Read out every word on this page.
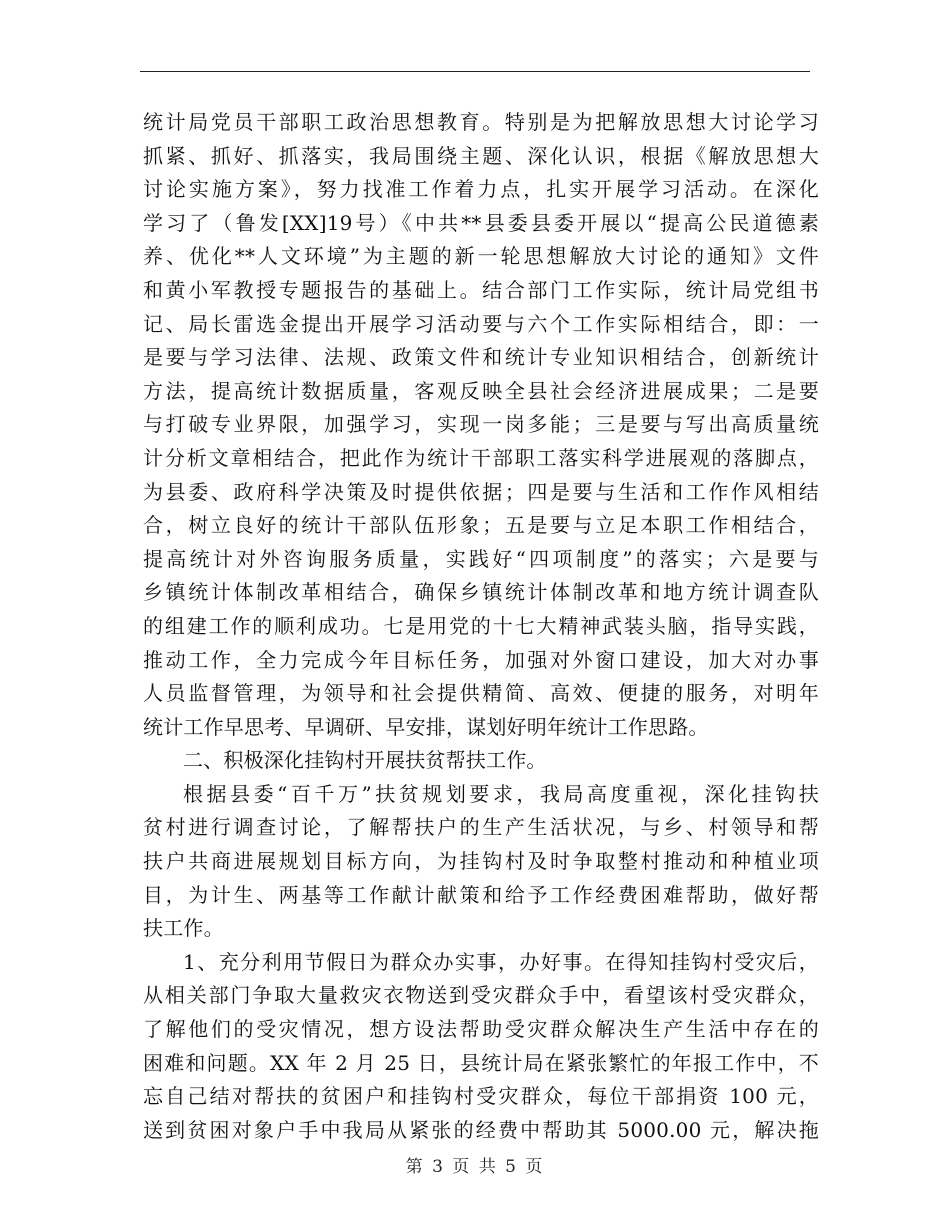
统计局党员干部职工政治思想教育。特别是为把解放思想大讨论学习
抓紧、抓好、抓落实，我局围绕主题、深化认识，根据《解放思想大
讨论实施方案》，努力找准工作着力点，扎实开展学习活动。在深化
学习了（鲁发[XX]19号）《中共**县委县委开展以“提高公民道德素
养、优化**人文环境”为主题的新一轮思想解放大讨论的通知》文件
和黄小军教授专题报告的基础上。结合部门工作实际，统计局党组书
记、局长雷选金提出开展学习活动要与六个工作实际相结合，即：一
是要与学习法律、法规、政策文件和统计专业知识相结合，创新统计
方法，提高统计数据质量，客观反映全县社会经济进展成果；二是要
与打破专业界限，加强学习，实现一岗多能；三是要与写出高质量统
计分析文章相结合，把此作为统计干部职工落实科学进展观的落脚点，
为县委、政府科学决策及时提供依据；四是要与生活和工作作风相结
合，树立良好的统计干部队伍形象；五是要与立足本职工作相结合，
提高统计对外咨询服务质量，实践好“四项制度”的落实；六是要与
乡镇统计体制改革相结合，确保乡镇统计体制改革和地方统计调查队
的组建工作的顺利成功。七是用党的十七大精神武装头脑，指导实践，
推动工作，全力完成今年目标任务，加强对外窗口建设，加大对办事
人员监督管理，为领导和社会提供精简、高效、便捷的服务，对明年
统计工作早思考、早调研、早安排，谋划好明年统计工作思路。
二、积极深化挂钩村开展扶贫帮扶工作。
根据县委“百千万”扶贫规划要求，我局高度重视，深化挂钩扶
贫村进行调查讨论，了解帮扶户的生产生活状况，与乡、村领导和帮
扶户共商进展规划目标方向，为挂钩村及时争取整村推动和种植业项
目，为计生、两基等工作献计献策和给予工作经费困难帮助，做好帮
扶工作。
1、充分利用节假日为群众办实事，办好事。在得知挂钩村受灾后，
从相关部门争取大量救灾衣物送到受灾群众手中，看望该村受灾群众，
了解他们的受灾情况，想方设法帮助受灾群众解决生产生活中存在的
困难和问题。XX 年 2 月 25 日，县统计局在紧张繁忙的年报工作中，不
忘自己结对帮扶的贫困户和挂钩村受灾群众，每位干部捐资 100 元，
送到贫困对象户手中我局从紧张的经费中帮助其 5000.00 元，解决拖
第 3 页 共 5 页
